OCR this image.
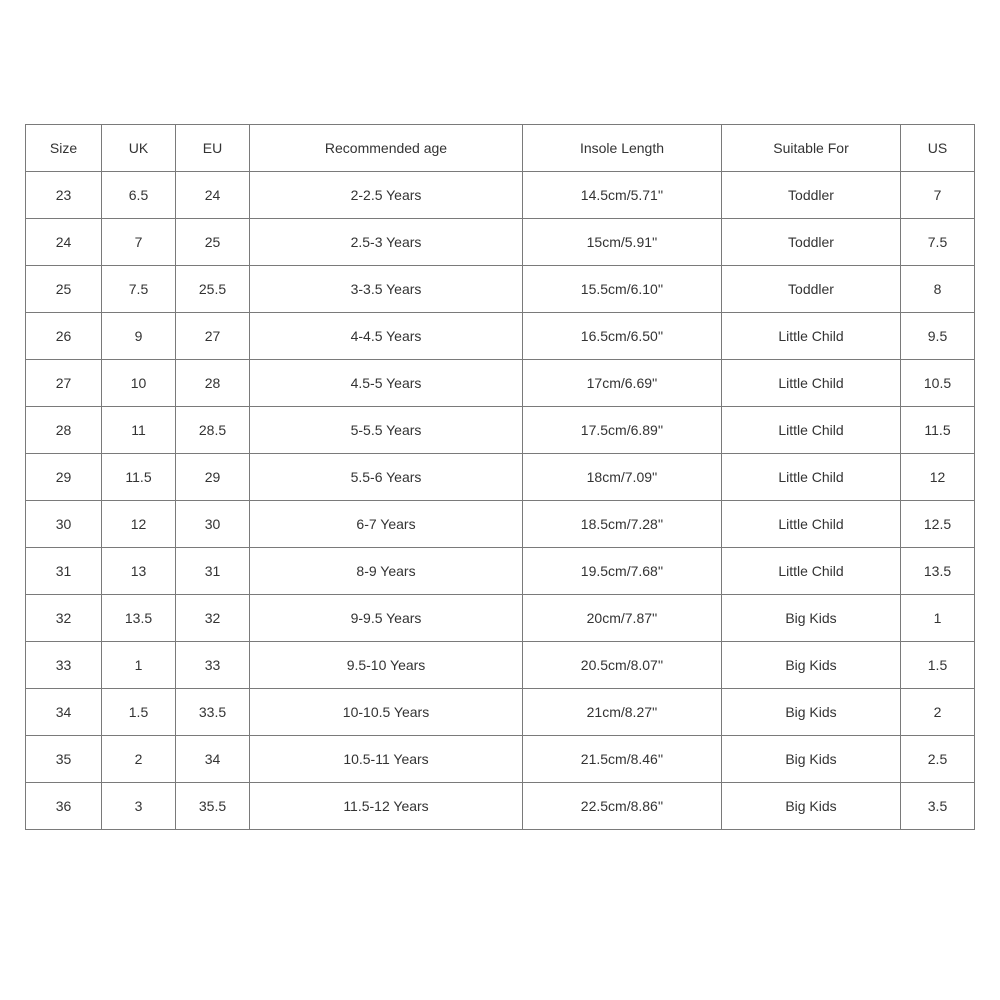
Size	UK	EU	Recommended age	Insole Length	Suitable For	US
23	6.5	24	2-2.5 Years	14.5cm/5.71''	Toddler	7
24	7	25	2.5-3 Years	15cm/5.91''	Toddler	7.5
25	7.5	25.5	3-3.5 Years	15.5cm/6.10''	Toddler	8
26	9	27	4-4.5 Years	16.5cm/6.50''	Little Child	9.5
27	10	28	4.5-5 Years	17cm/6.69''	Little Child	10.5
28	11	28.5	5-5.5 Years	17.5cm/6.89''	Little Child	11.5
29	11.5	29	5.5-6 Years	18cm/7.09''	Little Child	12
30	12	30	6-7 Years	18.5cm/7.28''	Little Child	12.5
31	13	31	8-9 Years	19.5cm/7.68''	Little Child	13.5
32	13.5	32	9-9.5 Years	20cm/7.87''	Big Kids	1
33	1	33	9.5-10 Years	20.5cm/8.07''	Big Kids	1.5
34	1.5	33.5	10-10.5 Years	21cm/8.27''	Big Kids	2
35	2	34	10.5-11 Years	21.5cm/8.46''	Big Kids	2.5
36	3	35.5	11.5-12 Years	22.5cm/8.86''	Big Kids	3.5
